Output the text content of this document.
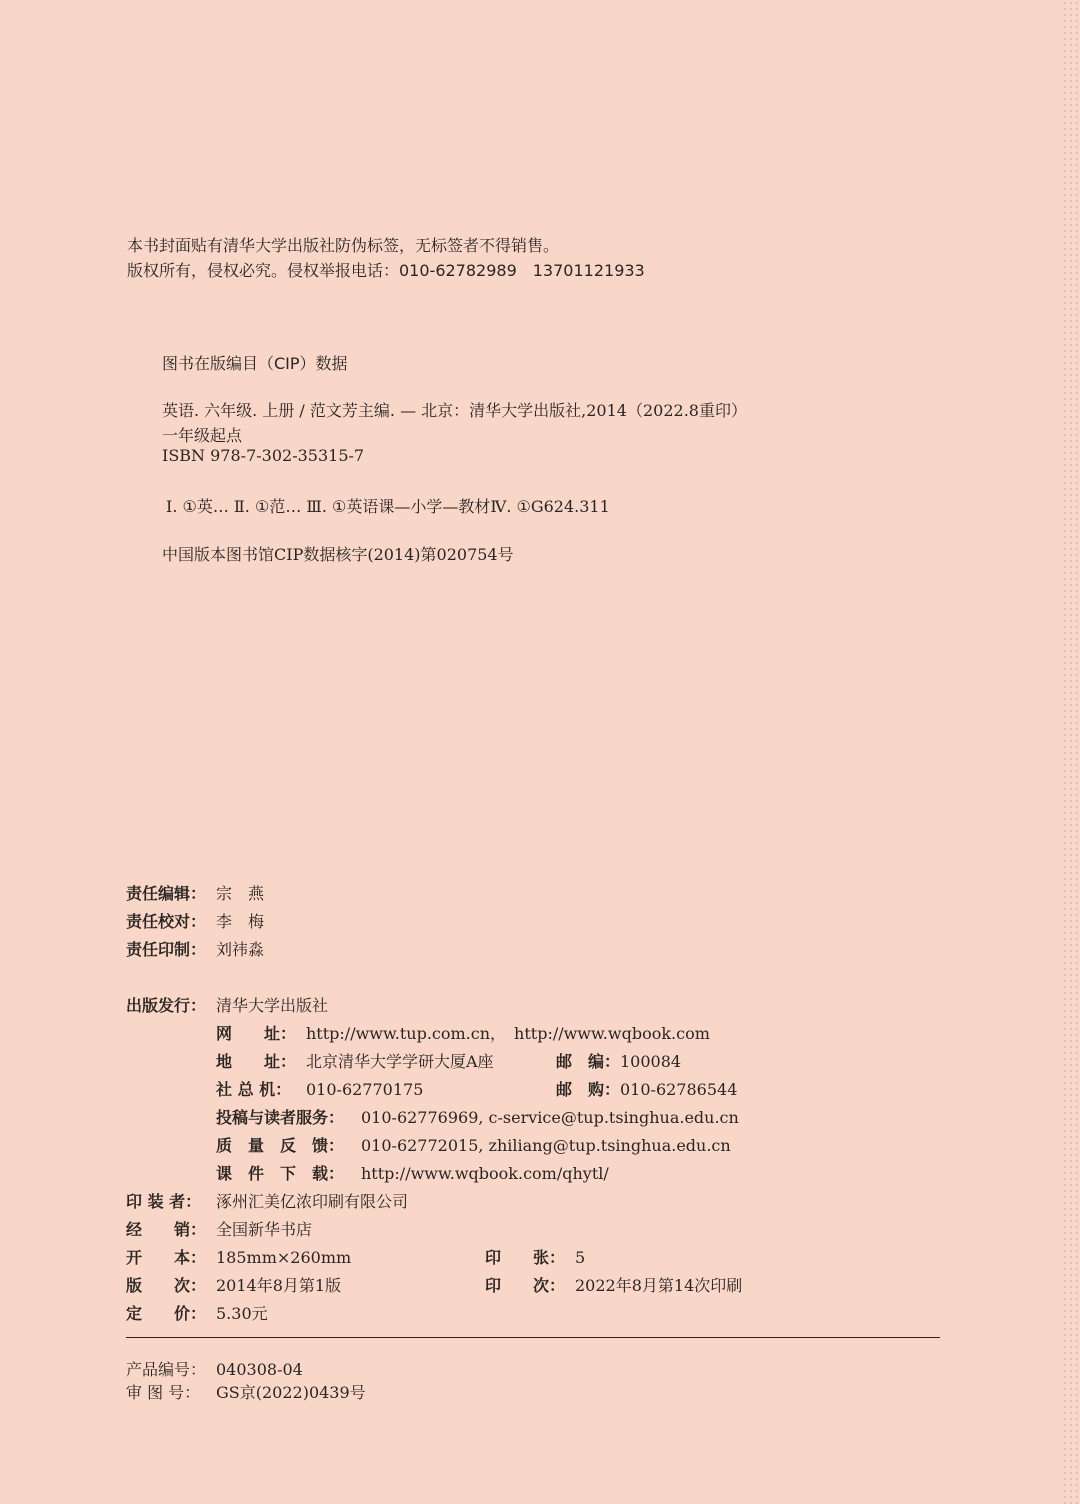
本书封面贴有清华大学出版社防伪标签，无标签者不得销售。
版权所有，侵权必究。侵权举报电话：010-62782989　13701121933
图书在版编目（CIP）数据
英语. 六年级. 上册 / 范文芳主编. — 北京：清华大学出版社,2014（2022.8重印）
一年级起点
ISBN 978-7-302-35315-7
Ⅰ. ①英… Ⅱ. ①范… Ⅲ. ①英语课—小学—教材Ⅳ. ①G624.311
中国版本图书馆CIP数据核字(2014)第020754号
责任编辑： 宗　燕
责任校对： 李　梅
责任印制： 刘祎淼
出版发行： 清华大学出版社
网　　址： http://www.tup.com.cn，　http://www.wqbook.com
地　　址： 北京清华大学学研大厦A座	邮　编：100084
社 总 机： 010-62770175	邮　购：010-62786544
投稿与读者服务： 010-62776969, c-service@tup.tsinghua.edu.cn
质　量　反　馈： 010-62772015, zhiliang@tup.tsinghua.edu.cn
课　件　下　载： http://www.wqbook.com/qhytl/
印 装 者： 涿州汇美亿浓印刷有限公司
经　　销： 全国新华书店
开　　本： 185mm×260mm	印　　张： 5
版　　次： 2014年8月第1版	印　　次： 2022年8月第14次印刷
定　　价： 5.30元
产品编号： 040308-04
审 图 号： GS京(2022)0439号
